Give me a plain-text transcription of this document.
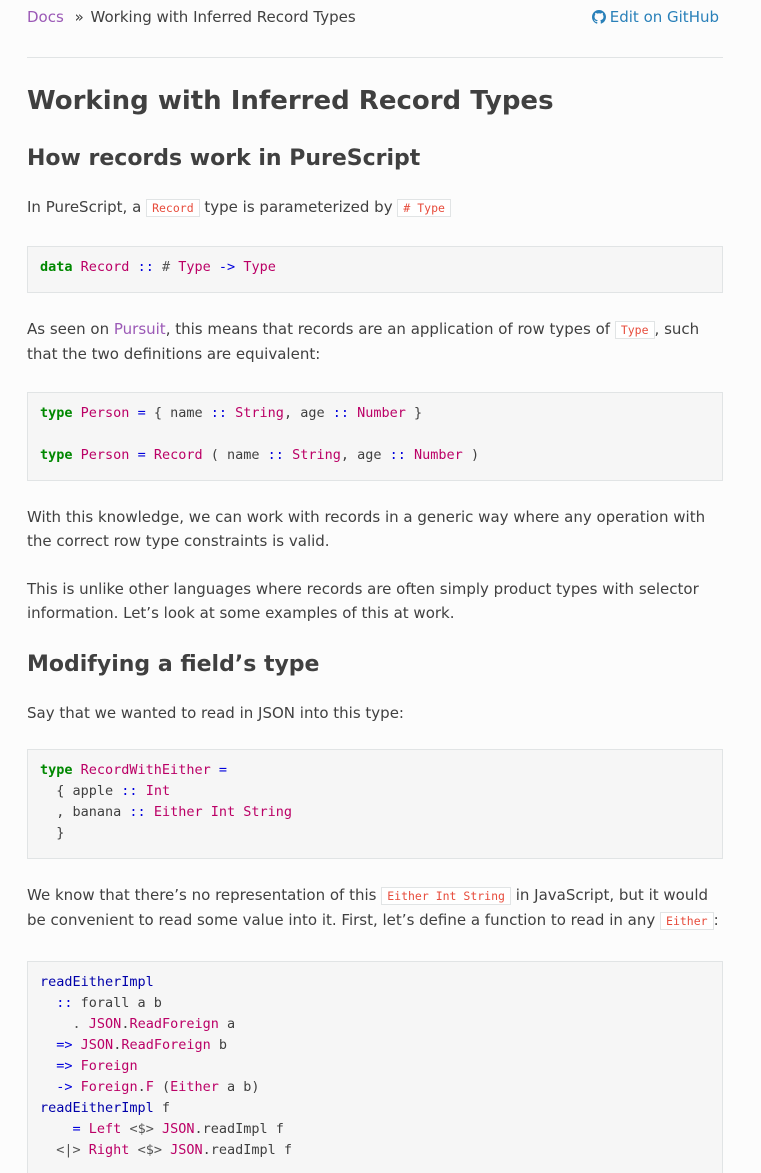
Docs » Working with Inferred Record Types	Edit on GitHub
Working with Inferred Record Types
How records work in PureScript
In PureScript, a Record type is parameterized by # Type
data Record :: # Type -> Type
As seen on Pursuit, this means that records are an application of row types of Type , such that the two definitions are equivalent:
type Person = { name :: String, age :: Number }

type Person = Record ( name :: String, age :: Number )
With this knowledge, we can work with records in a generic way where any operation with the correct row type constraints is valid.
This is unlike other languages where records are often simply product types with selector information. Let’s look at some examples of this at work.
Modifying a field’s type
Say that we wanted to read in JSON into this type:
type RecordWithEither =
{ apple :: Int
, banana :: Either Int String
}
We know that there’s no representation of this Either Int String in JavaScript, but it would be convenient to read some value into it. First, let’s define a function to read in any Either :
readEitherImpl
:: forall a b
. JSON.ReadForeign a
=> JSON.ReadForeign b
=> Foreign
-> Foreign.F (Either a b)
readEitherImpl f
= Left <$> JSON.readImpl f
<|> Right <$> JSON.readImpl f
